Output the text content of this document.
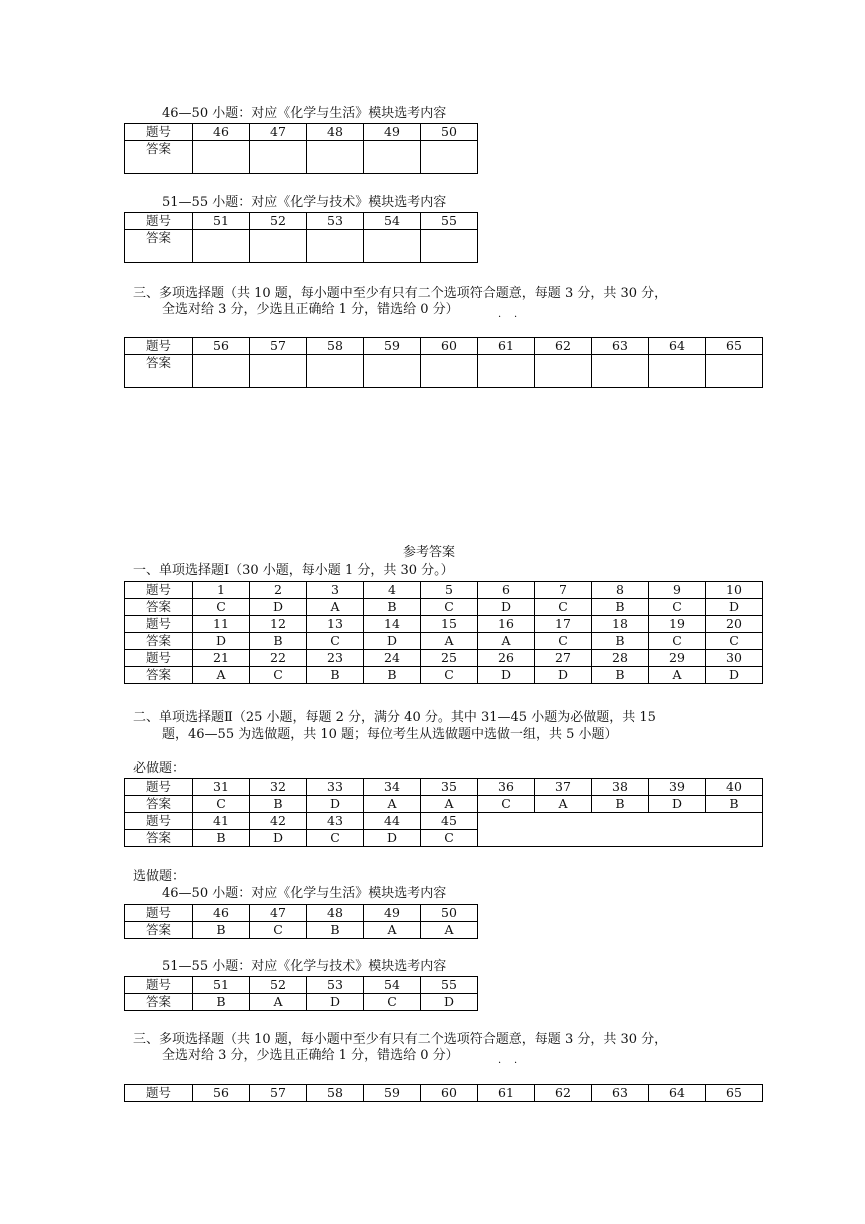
46—50 小题：对应《化学与生活》模块选考内容
题号	46	47	48	49	50
答案					
51—55 小题：对应《化学与技术》模块选考内容
题号	51	52	53	54	55
答案					
三、多项选择题（共 10 题，每小题中至少有只有二个选项符合题意，每题 3 分，共 30 分，
全选对给 3 分，少选且正确给 1 分，错选给 0 分）
· ·
题号	56	57	58	59	60	61	62	63	64	65
答案										
参考答案
一、单项选择题Ⅰ（30 小题，每小题 1 分，共 30 分。）
题号	1	2	3	4	5	6	7	8	9	10
答案	C	D	A	B	C	D	C	B	C	D
题号	11	12	13	14	15	16	17	18	19	20
答案	D	B	C	D	A	A	C	B	C	C
题号	21	22	23	24	25	26	27	28	29	30
答案	A	C	B	B	C	D	D	B	A	D
二、单项选择题Ⅱ（25 小题，每题 2 分，满分 40 分。其中 31—45 小题为必做题，共 15
题，46—55 为选做题，共 10 题；每位考生从选做题中选做一组，共 5 小题）
必做题：
题号	31	32	33	34	35	36	37	38	39	40
答案	C	B	D	A	A	C	A	B	D	B
题号	41	42	43	44	45					
答案	B	D	C	D	C					
选做题：
46—50 小题：对应《化学与生活》模块选考内容
题号	46	47	48	49	50
答案	B	C	B	A	A
51—55 小题：对应《化学与技术》模块选考内容
题号	51	52	53	54	55
答案	B	A	D	C	D
三、多项选择题（共 10 题，每小题中至少有只有二个选项符合题意，每题 3 分，共 30 分，
全选对给 3 分，少选且正确给 1 分，错选给 0 分）
· ·
题号	56	57	58	59	60	61	62	63	64	65
